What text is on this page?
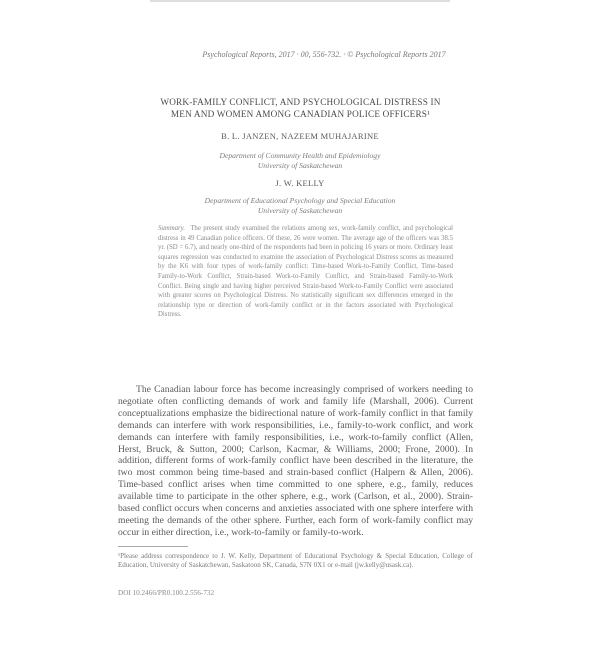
Psychological Reports, 2017 · 00, 556-732. · © Psychological Reports 2017
WORK-FAMILY CONFLICT, AND PSYCHOLOGICAL DISTRESS IN
MEN AND WOMEN AMONG CANADIAN POLICE OFFICERS¹
B. L. JANZEN, NAZEEM MUHAJARINE
Department of Community Health and Epidemiology
University of Saskatchewan
J. W. KELLY
Department of Educational Psychology and Special Education
University of Saskatchewan
Summary. The present study examined the relations among sex, work-family conflict, and psychological distress in 49 Canadian police officers. Of these, 26 were women. The average age of the officers was 38.5 yr. (SD = 6.7), and nearly one-third of the respondents had been in policing 16 years or more. Ordinary least squares regression was conducted to examine the association of Psychological Distress scores as measured by the K6 with four types of work-family conflict: Time-based Work-to-Family Conflict, Time-based Family-to-Work Conflict, Strain-based Work-to-Family Conflict, and Strain-based Family-to-Work Conflict. Being single and having higher perceived Strain-based Work-to-Family Conflict were associated with greater scores on Psychological Distress. No statistically significant sex differences emerged in the relationship type or direction of work-family conflict or in the factors associated with Psychological Distress.
The Canadian labour force has become increasingly comprised of workers needing to negotiate often conflicting demands of work and family life (Marshall, 2006). Current conceptualizations emphasize the bidirectional nature of work-family conflict in that family demands can interfere with work responsibilities, i.e., family-to-work conflict, and work demands can interfere with family responsibilities, i.e., work-to-family conflict (Allen, Herst, Bruck, & Sutton, 2000; Carlson, Kacmar, & Williams, 2000; Frone, 2000). In addition, different forms of work-family conflict have been described in the literature, the two most common being time-based and strain-based conflict (Halpern & Allen, 2006). Time-based conflict arises when time committed to one sphere, e.g., family, reduces available time to participate in the other sphere, e.g., work (Carlson, et al., 2000). Strain-based conflict occurs when concerns and anxieties associated with one sphere interfere with meeting the demands of the other sphere. Further, each form of work-family conflict may occur in either direction, i.e., work-to-family or family-to-work.
¹Please address correspondence to J. W. Kelly, Department of Educational Psychology & Special Education, College of Education, University of Saskatchewan, Saskatoon SK, Canada, S7N 0X1 or e-mail (jw.kelly@usask.ca).
DOI 10.2466/PR0.100.2.556-732
